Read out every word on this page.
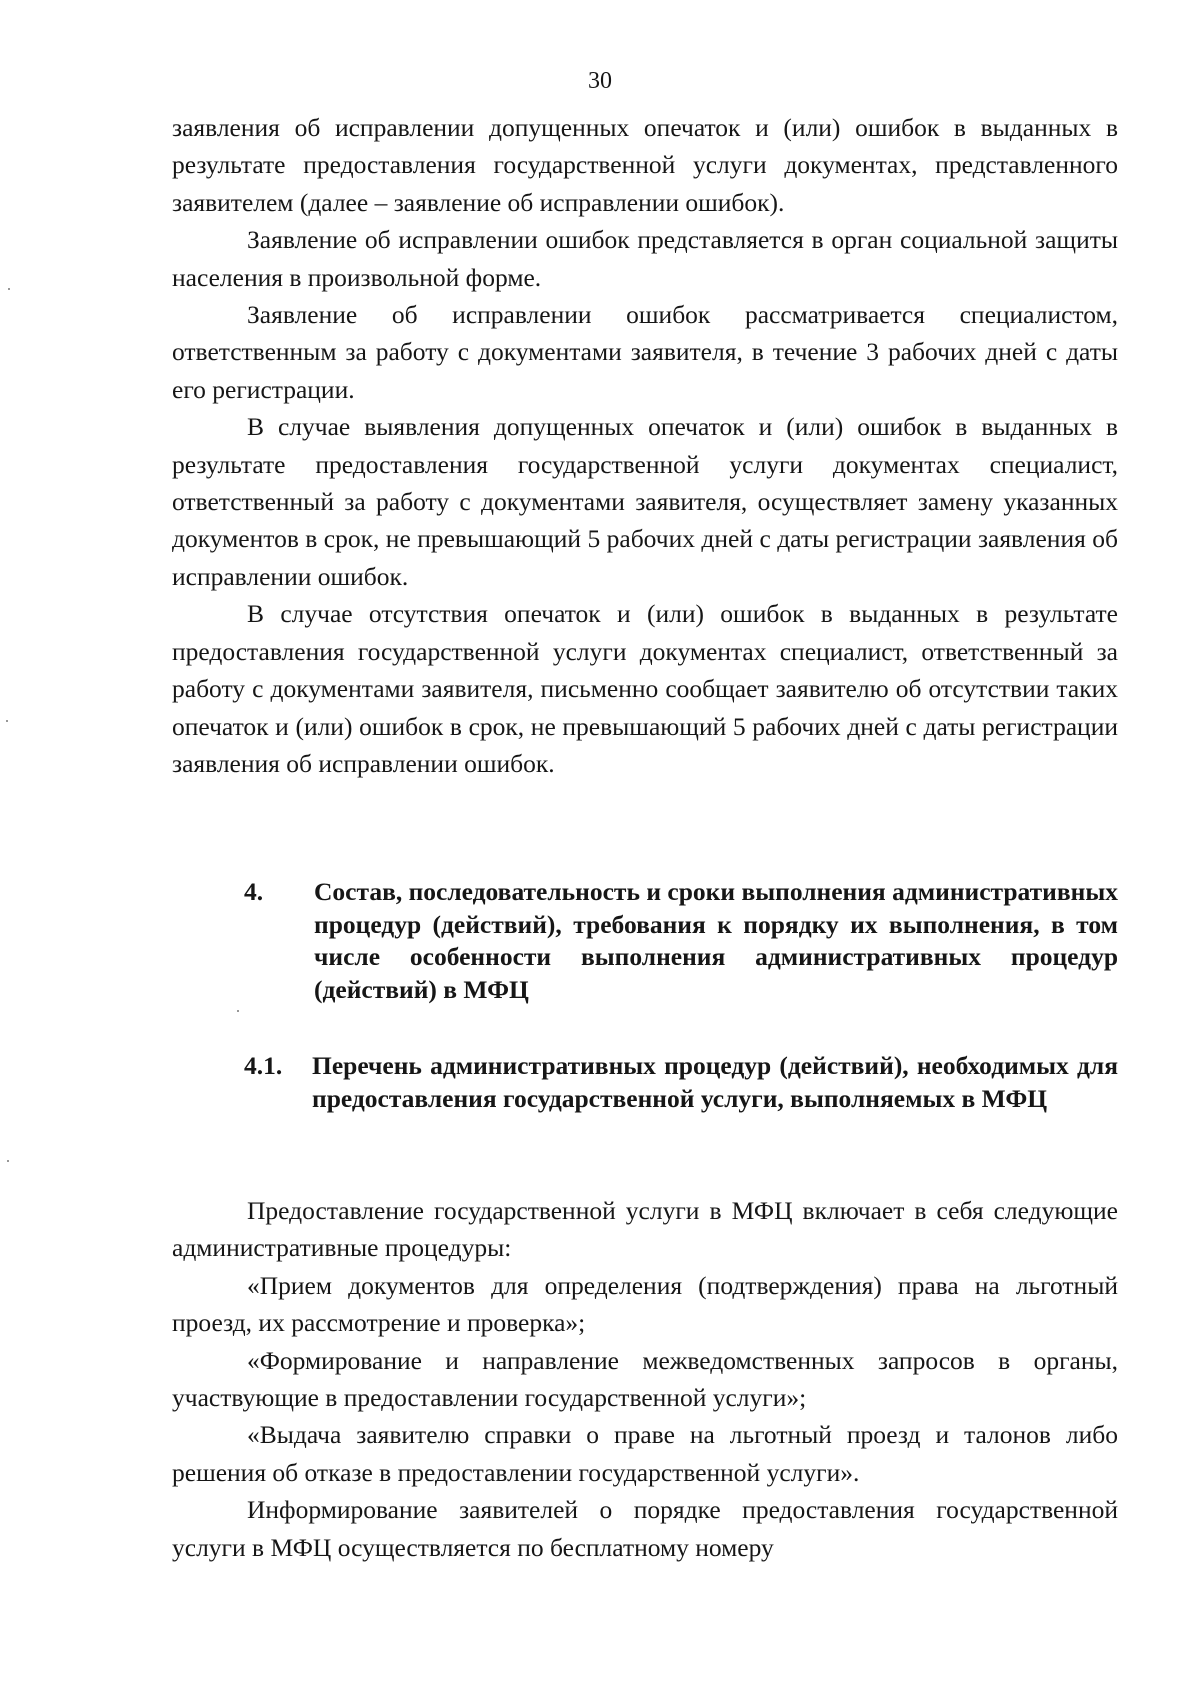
30

заявления об исправлении допущенных опечаток и (или) ошибок в выданных в результате предоставления государственной услуги документах, представленного заявителем (далее – заявление об исправлении ошибок).

Заявление об исправлении ошибок представляется в орган социальной защиты населения в произвольной форме.

Заявление об исправлении ошибок рассматривается специалистом, ответственным за работу с документами заявителя, в течение 3 рабочих дней с даты его регистрации.

В случае выявления допущенных опечаток и (или) ошибок в выданных в результате предоставления государственной услуги документах специалист, ответственный за работу с документами заявителя, осуществляет замену указанных документов в срок, не превышающий 5 рабочих дней с даты регистрации заявления об исправлении ошибок.

В случае отсутствия опечаток и (или) ошибок в выданных в результате предоставления государственной услуги документах специалист, ответственный за работу с документами заявителя, письменно сообщает заявителю об отсутствии таких опечаток и (или) ошибок в срок, не превышающий 5 рабочих дней с даты регистрации заявления об исправлении ошибок.

4. Состав, последовательность и сроки выполнения административных процедур (действий), требования к порядку их выполнения, в том числе особенности выполнения административных процедур (действий) в МФЦ
4.1. Перечень административных процедур (действий), необходимых для предоставления государственной услуги, выполняемых в МФЦ

Предоставление государственной услуги в МФЦ включает в себя следующие административные процедуры:

«Прием документов для определения (подтверждения) права на льготный проезд, их рассмотрение и проверка»;

«Формирование и направление межведомственных запросов в органы, участвующие в предоставлении государственной услуги»;

«Выдача заявителю справки о праве на льготный проезд и талонов либо решения об отказе в предоставлении государственной услуги».

Информирование заявителей о порядке предоставления государственной услуги в МФЦ осуществляется по бесплатному номеру
